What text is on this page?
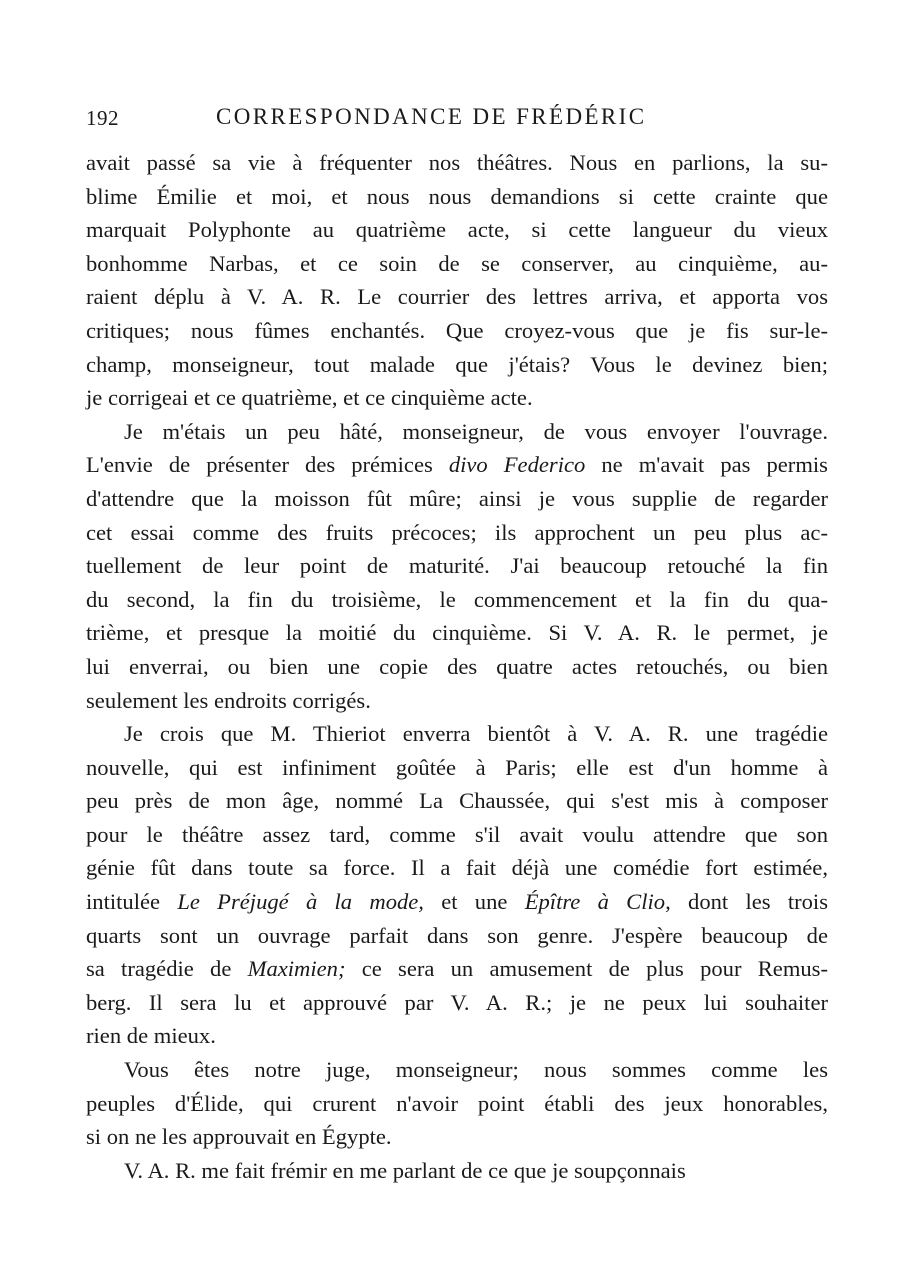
192	CORRESPONDANCE DE FRÉDÉRIC
avait passé sa vie à fréquenter nos théâtres. Nous en parlions, la su-
blime Émilie et moi, et nous nous demandions si cette crainte que
marquait Polyphonte au quatrième acte, si cette langueur du vieux
bonhomme Narbas, et ce soin de se conserver, au cinquième, au-
raient déplu à V. A. R. Le courrier des lettres arriva, et apporta vos
critiques; nous fûmes enchantés. Que croyez-vous que je fis sur-le-
champ, monseigneur, tout malade que j'étais? Vous le devinez bien;
je corrigeai et ce quatrième, et ce cinquième acte.
Je m'étais un peu hâté, monseigneur, de vous envoyer l'ouvrage.
L'envie de présenter des prémices divo Federico ne m'avait pas permis
d'attendre que la moisson fût mûre; ainsi je vous supplie de regarder
cet essai comme des fruits précoces; ils approchent un peu plus ac-
tuellement de leur point de maturité. J'ai beaucoup retouché la fin
du second, la fin du troisième, le commencement et la fin du qua-
trième, et presque la moitié du cinquième. Si V. A. R. le permet, je
lui enverrai, ou bien une copie des quatre actes retouchés, ou bien
seulement les endroits corrigés.
Je crois que M. Thieriot enverra bientôt à V. A. R. une tragédie
nouvelle, qui est infiniment goûtée à Paris; elle est d'un homme à
peu près de mon âge, nommé La Chaussée, qui s'est mis à composer
pour le théâtre assez tard, comme s'il avait voulu attendre que son
génie fût dans toute sa force. Il a fait déjà une comédie fort estimée,
intitulée Le Préjugé à la mode, et une Épître à Clio, dont les trois
quarts sont un ouvrage parfait dans son genre. J'espère beaucoup de
sa tragédie de Maximien; ce sera un amusement de plus pour Remus-
berg. Il sera lu et approuvé par V. A. R.; je ne peux lui souhaiter
rien de mieux.
Vous êtes notre juge, monseigneur; nous sommes comme les
peuples d'Élide, qui crurent n'avoir point établi des jeux honorables,
si on ne les approuvait en Égypte.
V. A. R. me fait frémir en me parlant de ce que je soupçonnais
